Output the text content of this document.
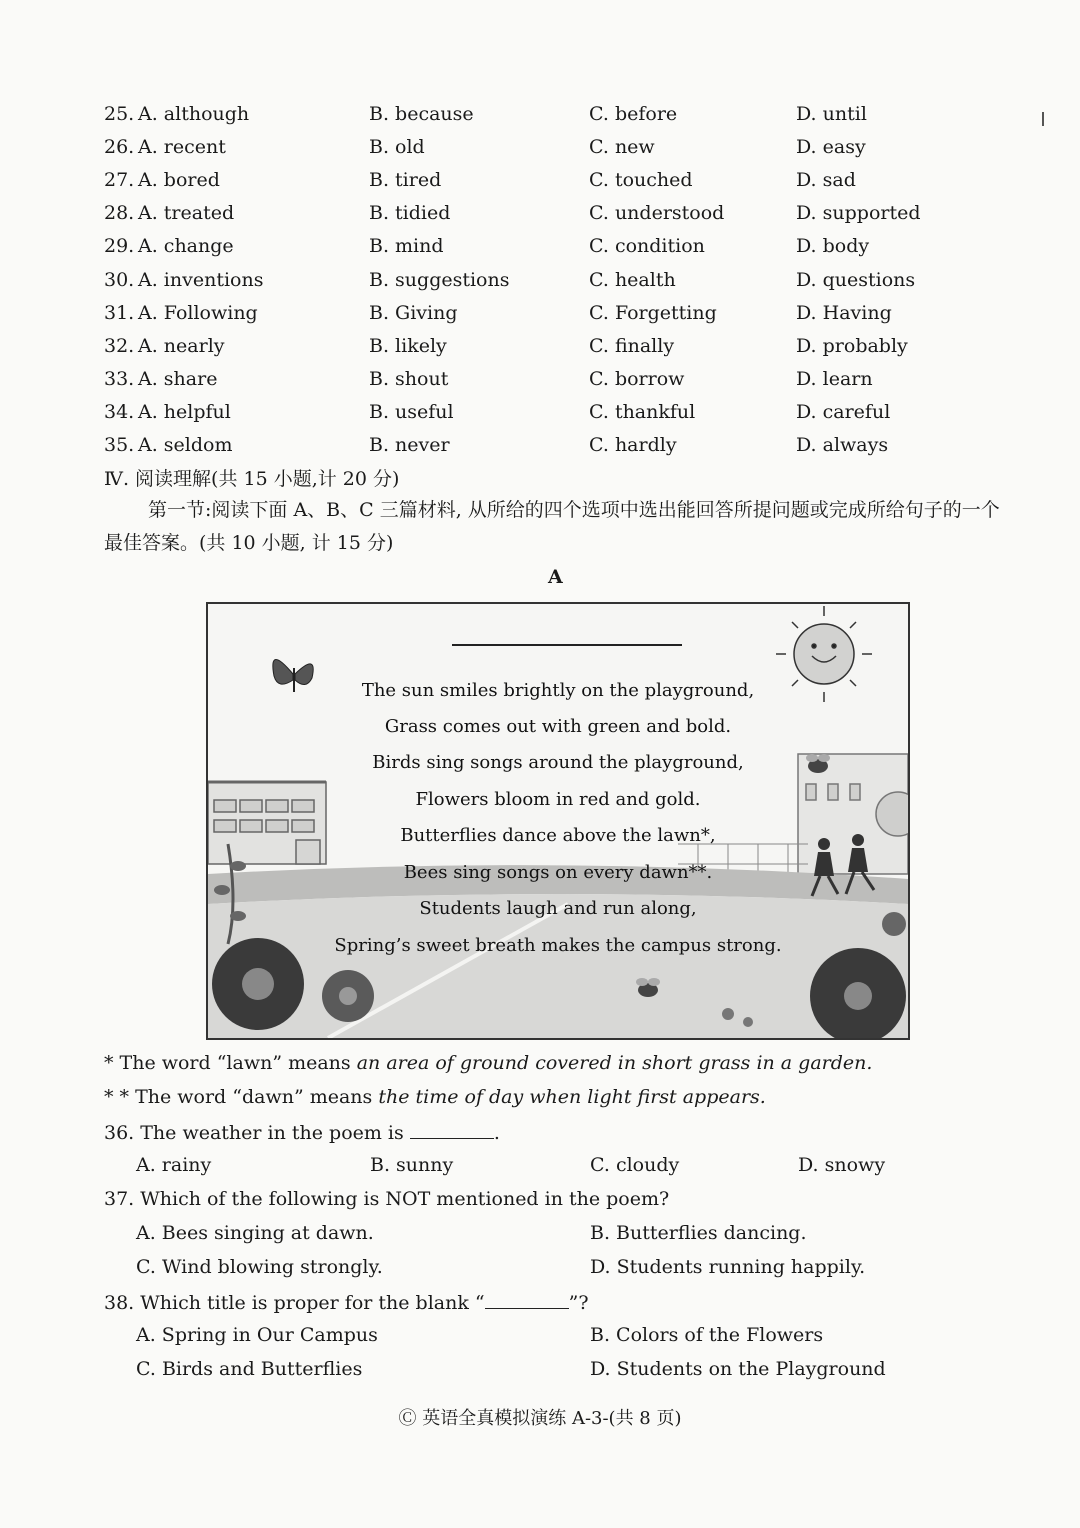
25. A. although	B. because	C. before	D. until
26. A. recent	B. old	C. new	D. easy
27. A. bored	B. tired	C. touched	D. sad
28. A. treated	B. tidied	C. understood	D. supported
29. A. change	B. mind	C. condition	D. body
30. A. inventions	B. suggestions	C. health	D. questions
31. A. Following	B. Giving	C. Forgetting	D. Having
32. A. nearly	B. likely	C. finally	D. probably
33. A. share	B. shout	C. borrow	D. learn
34. A. helpful	B. useful	C. thankful	D. careful
35. A. seldom	B. never	C. hardly	D. always
Ⅳ. 阅读理解(共 15 小题,计 20 分)
第一节:阅读下面 A、B、C 三篇材料, 从所给的四个选项中选出能回答所提问题或完成所给句子的一个最佳答案。(共 10 小题, 计 15 分)
A
The sun smiles brightly on the playground,
Grass comes out with green and bold.
Birds sing songs around the playground,
Flowers bloom in red and gold.
Butterflies dance above the lawn*,
Bees sing songs on every dawn**.
Students laugh and run along,
Spring’s sweet breath makes the campus strong.
* The word “lawn” means an area of ground covered in short grass in a garden.
* * The word “dawn” means the time of day when light first appears.
36. The weather in the poem is	.
A. rainy	B. sunny	C. cloudy	D. snowy
37. Which of the following is NOT mentioned in the poem?
A. Bees singing at dawn.	B. Butterflies dancing.
C. Wind blowing strongly.	D. Students running happily.
38. Which title is proper for the blank “	”?
A. Spring in Our Campus	B. Colors of the Flowers
C. Birds and Butterflies	D. Students on the Playground
Ⓒ 英语全真模拟演练 A-3-(共 8 页)
